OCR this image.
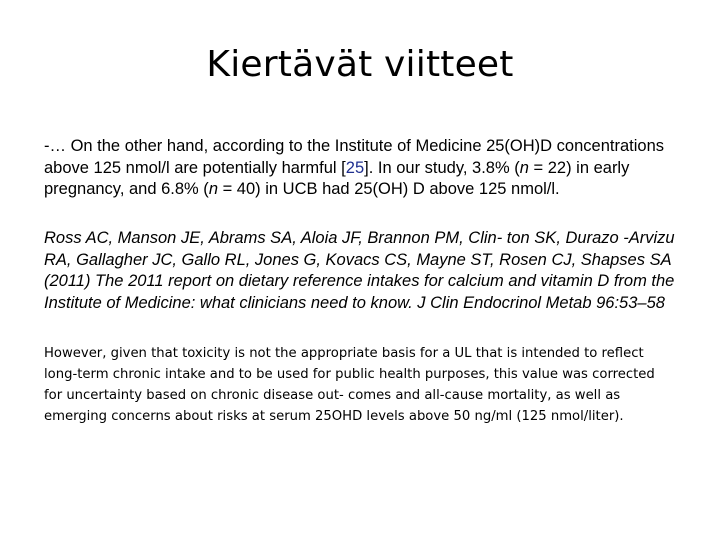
Kiertävät viitteet

-… On the other hand, according to the Institute of Medicine 25(OH)D concentrations above 125 nmol/l are potentially harmful [25]. In our study, 3.8% (n = 22) in early pregnancy, and 6.8% (n = 40) in UCB had 25(OH) D above 125 nmol/l.

Ross AC, Manson JE, Abrams SA, Aloia JF, Brannon PM, Clin- ton SK, Durazo -Arvizu RA, Gallagher JC, Gallo RL, Jones G, Kovacs CS, Mayne ST, Rosen CJ, Shapses SA (2011) The 2011 report on dietary reference intakes for calcium and vitamin D from the Institute of Medicine: what clinicians need to know. J Clin Endocrinol Metab 96:53–58

However, given that toxicity is not the appropriate basis for a UL that is intended to reflect long-term chronic intake and to be used for public health purposes, this value was corrected for uncertainty based on chronic disease out- comes and all-cause mortality, as well as emerging concerns about risks at serum 25OHD levels above 50 ng/ml (125 nmol/liter).
